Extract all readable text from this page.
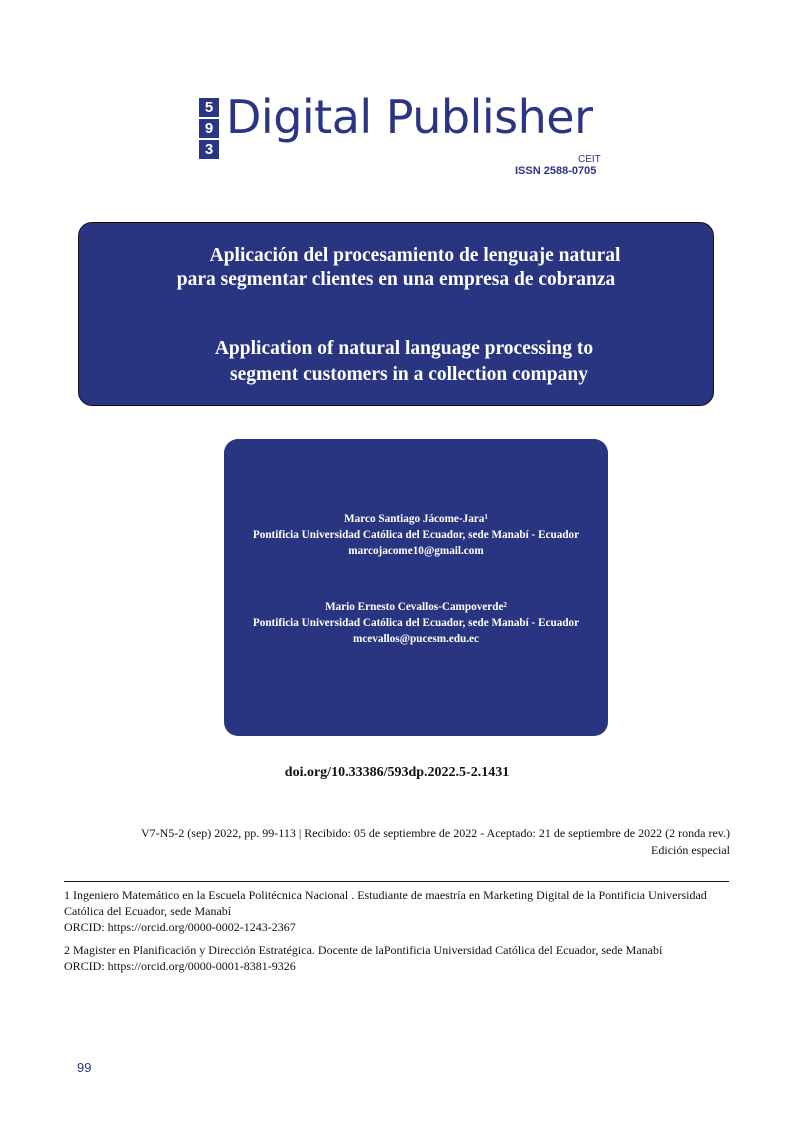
5
9
3
Digital Publisher
CEIT
ISSN 2588-0705
Aplicación del procesamiento de lenguaje natural
para segmentar clientes en una empresa de cobranza
Application of natural language processing to
segment customers in a collection company
Marco Santiago Jácome-Jara$^1$
Pontificia Universidad Católica del Ecuador, sede Manabí - Ecuador
marcojacome10@gmail.com
Mario Ernesto Cevallos-Campoverde$^2$
Pontificia Universidad Católica del Ecuador, sede Manabí - Ecuador
mcevallos@pucesm.edu.ec
doi.org/10.33386/593dp.2022.5-2.1431
V7-N5-2 (sep) 2022, pp. 99-113 | Recibido: 05 de septiembre de 2022 - Aceptado: 21 de septiembre de 2022 (2 ronda rev.)
Edición especial
1 Ingeniero Matemático en la Escuela Politécnica Nacional . Estudiante de maestría en Marketing Digital de la Pontificia Universidad Católica del Ecuador, sede Manabí
ORCID: https://orcid.org/0000-0002-1243-2367
2 Magister en Planificación y Dirección Estratégica. Docente de laPontificia Universidad Católica del Ecuador, sede Manabí
ORCID: https://orcid.org/0000-0001-8381-9326
99
